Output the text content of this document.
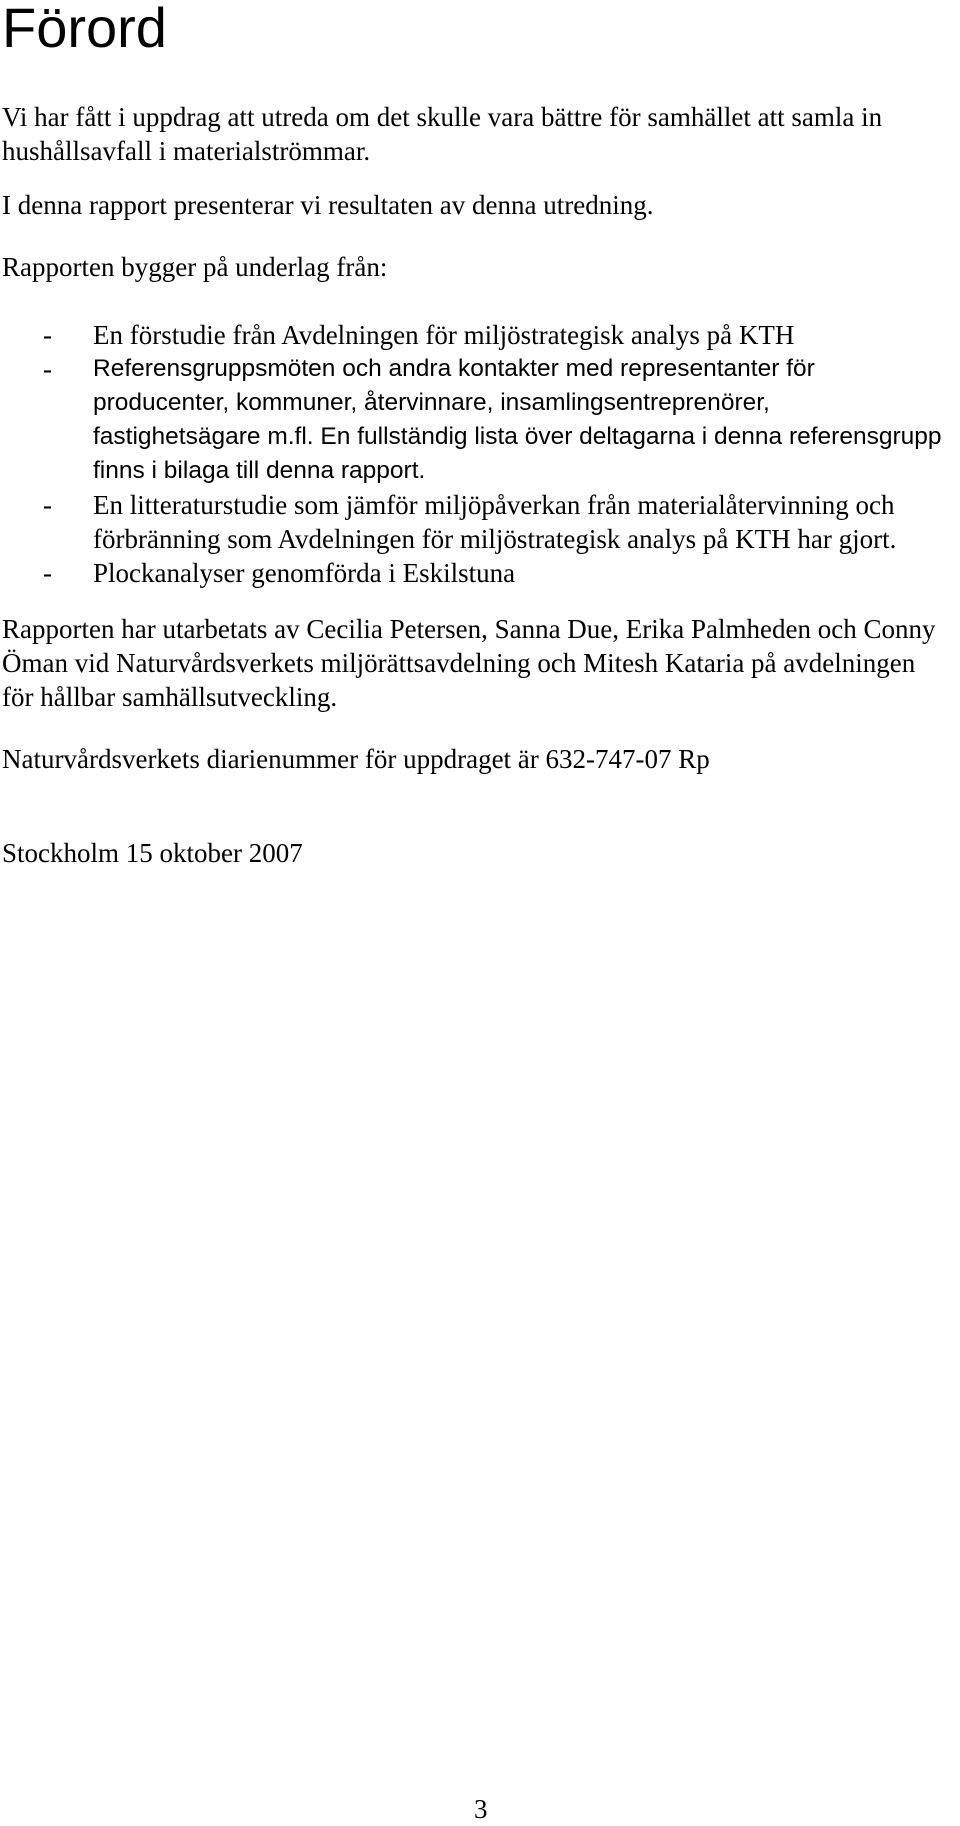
Förord

Vi har fått i uppdrag att utreda om det skulle vara bättre för samhället att samla in hushållsavfall i materialströmmar.

I denna rapport presenterar vi resultaten av denna utredning.

Rapporten bygger på underlag från:

- En förstudie från Avdelningen för miljöstrategisk analys på KTH
- Referensgruppsmöten och andra kontakter med representanter för producenter, kommuner, återvinnare, insamlingsentreprenörer, fastighetsägare m.fl. En fullständig lista över deltagarna i denna referensgrupp finns i bilaga till denna rapport.
- En litteraturstudie som jämför miljöpåverkan från materialåtervinning och förbränning som Avdelningen för miljöstrategisk analys på KTH har gjort.
- Plockanalyser genomförda i Eskilstuna

Rapporten har utarbetats av Cecilia Petersen, Sanna Due, Erika Palmheden och Conny Öman vid Naturvårdsverkets miljörättsavdelning och Mitesh Kataria på avdelningen för hållbar samhällsutveckling.

Naturvårdsverkets diarienummer för uppdraget är 632-747-07 Rp

Stockholm 15 oktober 2007

3
